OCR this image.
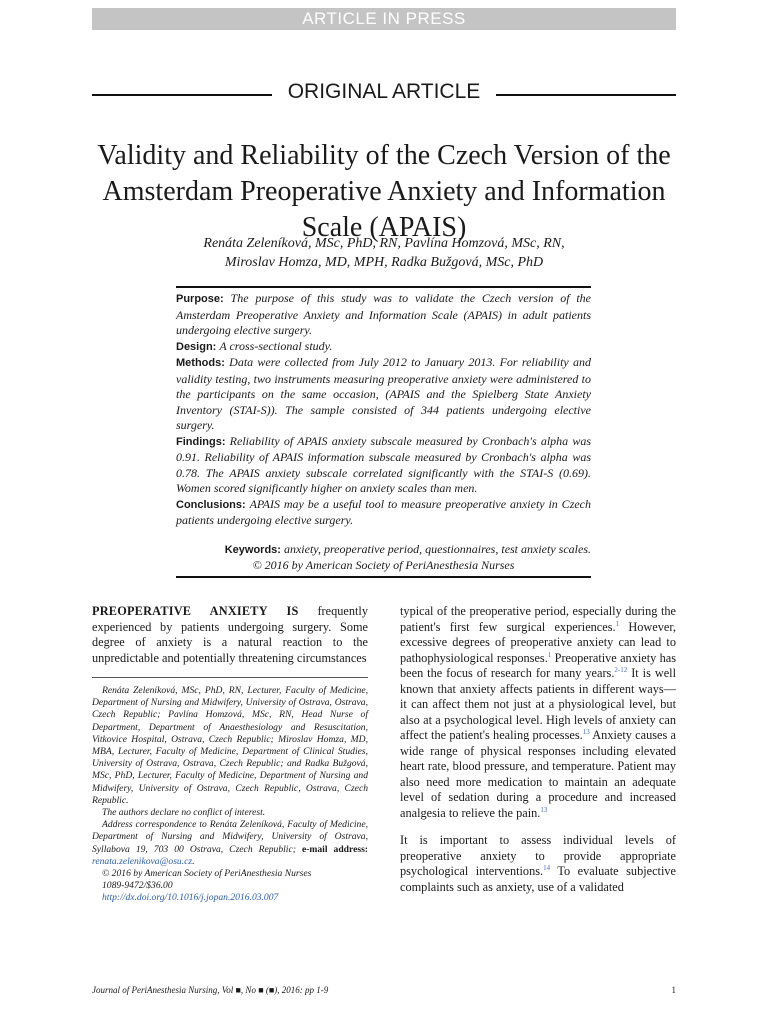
ARTICLE IN PRESS
ORIGINAL ARTICLE
Validity and Reliability of the Czech Version of the Amsterdam Preoperative Anxiety and Information Scale (APAIS)
Renáta Zeleníková, MSc, PhD, RN, Pavlína Homzová, MSc, RN,
Miroslav Homza, MD, MPH, Radka Bužgová, MSc, PhD

Purpose: The purpose of this study was to validate the Czech version of the Amsterdam Preoperative Anxiety and Information Scale (APAIS) in adult patients undergoing elective surgery.

Design: A cross-sectional study.

Methods: Data were collected from July 2012 to January 2013. For reliability and validity testing, two instruments measuring preoperative anxiety were administered to the participants on the same occasion, (APAIS and the Spielberg State Anxiety Inventory (STAI-S)). The sample consisted of 344 patients undergoing elective surgery.

Findings: Reliability of APAIS anxiety subscale measured by Cronbach's alpha was 0.91. Reliability of APAIS information subscale measured by Cronbach's alpha was 0.78. The APAIS anxiety subscale correlated significantly with the STAI-S (0.69). Women scored significantly higher on anxiety scales than men.

Conclusions: APAIS may be a useful tool to measure preoperative anxiety in Czech patients undergoing elective surgery.

Keywords: anxiety, preoperative period, questionnaires, test anxiety scales.
© 2016 by American Society of PeriAnesthesia Nurses

PREOPERATIVE ANXIETY IS frequently experienced by patients undergoing surgery. Some degree of anxiety is a natural reaction to the unpredictable and potentially threatening circumstances

Renáta Zeleníková, MSc, PhD, RN, Lecturer, Faculty of Medicine, Department of Nursing and Midwifery, University of Ostrava, Ostrava, Czech Republic; Pavlína Homzová, MSc, RN, Head Nurse of Department, Department of Anaesthesiology and Resuscitation, Vitkovice Hospital, Ostrava, Czech Republic; Miroslav Homza, MD, MBA, Lecturer, Faculty of Medicine, Department of Clinical Studies, University of Ostrava, Ostrava, Czech Republic; and Radka Bužgová, MSc, PhD, Lecturer, Faculty of Medicine, Department of Nursing and Midwifery, University of Ostrava, Czech Republic, Ostrava, Czech Republic.

The authors declare no conflict of interest.

Address correspondence to Renáta Zeleníková, Faculty of Medicine, Department of Nursing and Midwifery, University of Ostrava, Syllabova 19, 703 00 Ostrava, Czech Republic; e-mail address: renata.zelenikova@osu.cz.

© 2016 by American Society of PeriAnesthesia Nurses

1089-9472/$36.00

http://dx.doi.org/10.1016/j.jopan.2016.03.007

typical of the preoperative period, especially during the patient's first few surgical experiences.$^1$ However, excessive degrees of preoperative anxiety can lead to pathophysiological responses.$^1$ Preoperative anxiety has been the focus of research for many years.$^{2-12}$ It is well known that anxiety affects patients in different ways—it can affect them not just at a physiological level, but also at a psychological level. High levels of anxiety can affect the patient's healing processes.$^{13}$ Anxiety causes a wide range of physical responses including elevated heart rate, blood pressure, and temperature. Patient may also need more medication to maintain an adequate level of sedation during a procedure and increased analgesia to relieve the pain.$^{13}$

It is important to assess individual levels of preoperative anxiety to provide appropriate psychological interventions.$^{14}$ To evaluate subjective complaints such as anxiety, use of a validated

Journal of PeriAnesthesia Nursing, Vol ■, No ■ (■), 2016: pp 1-9	1
